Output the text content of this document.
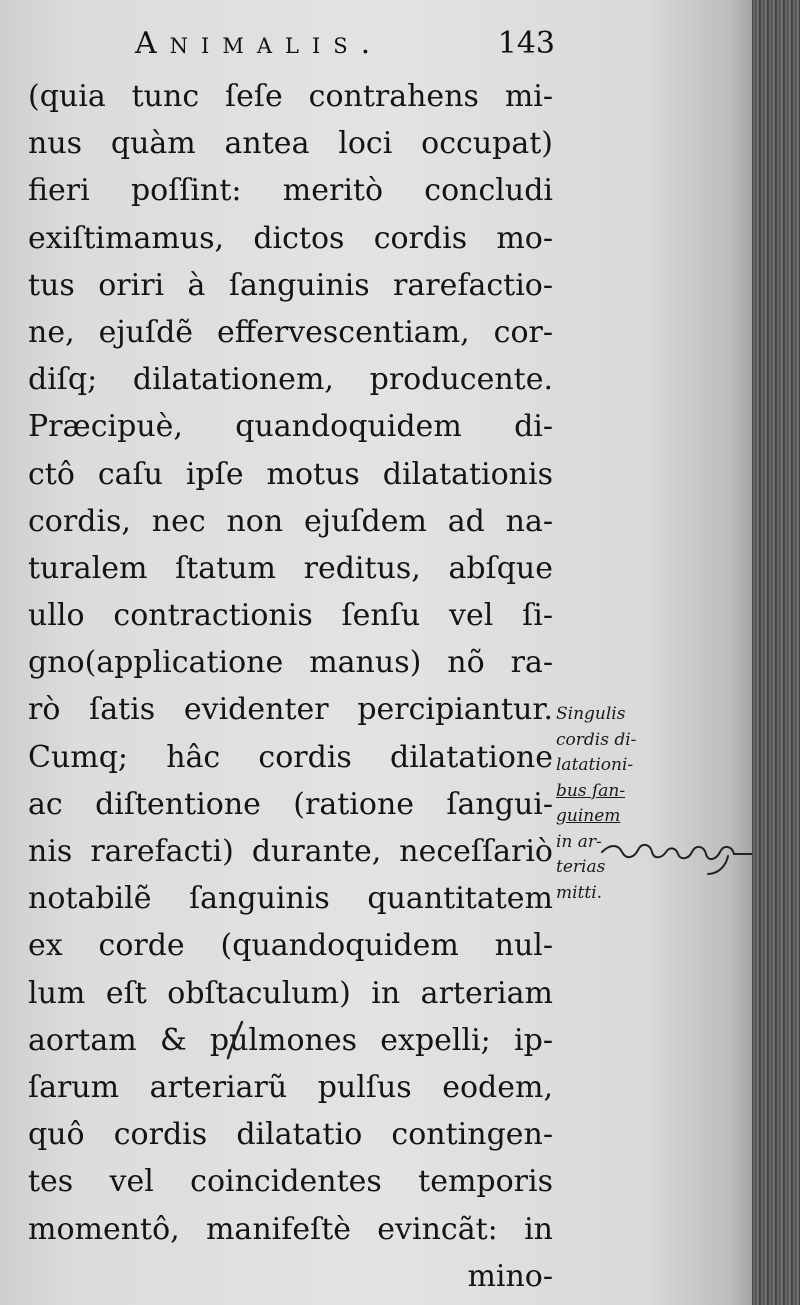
Animalis.	143
(quia tunc ſeſe contrahens mi-
nus quàm antea loci occupat)
fieri poſſint: meritò concludi
exiſtimamus, dictos cordis mo-
tus oriri à ſanguinis rarefactio-
ne, ejuſdẽ effervescentiam, cor-
diſq; dilatationem, producente.
Præcipuè, quandoquidem di-
ctô caſu ipſe motus dilatationis
cordis, nec non ejuſdem ad na-
turalem ſtatum reditus, abſque
ullo contractionis ſenſu vel ſi-
gno(applicatione manus) nõ ra-
rò ſatis evidenter percipiantur.
Cumq; hâc cordis dilatatione
ac diſtentione (ratione ſangui-
nis rarefacti) durante, neceſſariò
notabilẽ ſanguinis quantitatem
ex corde (quandoquidem nul-
lum eſt obſtaculum) in arteriam
aortam & pulmones expelli; ip-
ſarum arteriarũ pulſus eodem,
quô cordis dilatatio contingen-
tes vel coincidentes temporis
momentô, manifeſtè evincãt: in
mino-
Singulis
cordis di-
latationi-
bus ſan-
guinem
in ar-
terias
mitti.
